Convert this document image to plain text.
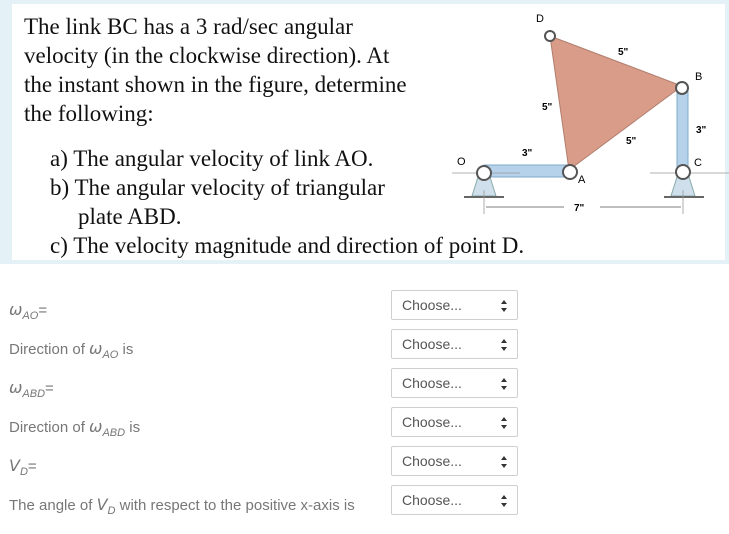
The link BC has a 3 rad/sec angular
velocity (in the clockwise direction). At
the instant shown in the figure, determine
the following:
a) The angular velocity of link AO.
b) The angular velocity of triangular
plate ABD.
c) The velocity magnitude and direction of point D.
D
B
C
A
O
5"
5"
5"
3"
3"
7"
$\omega_{AO}=$	Choose...
Direction of $\omega_{AO}$ is	Choose...
$\omega_{ABD}=$	Choose...
Direction of $\omega_{ABD}$ is	Choose...
$V_D=$	Choose...
The angle of $V_D$ with respect to the positive x-axis is	Choose...
